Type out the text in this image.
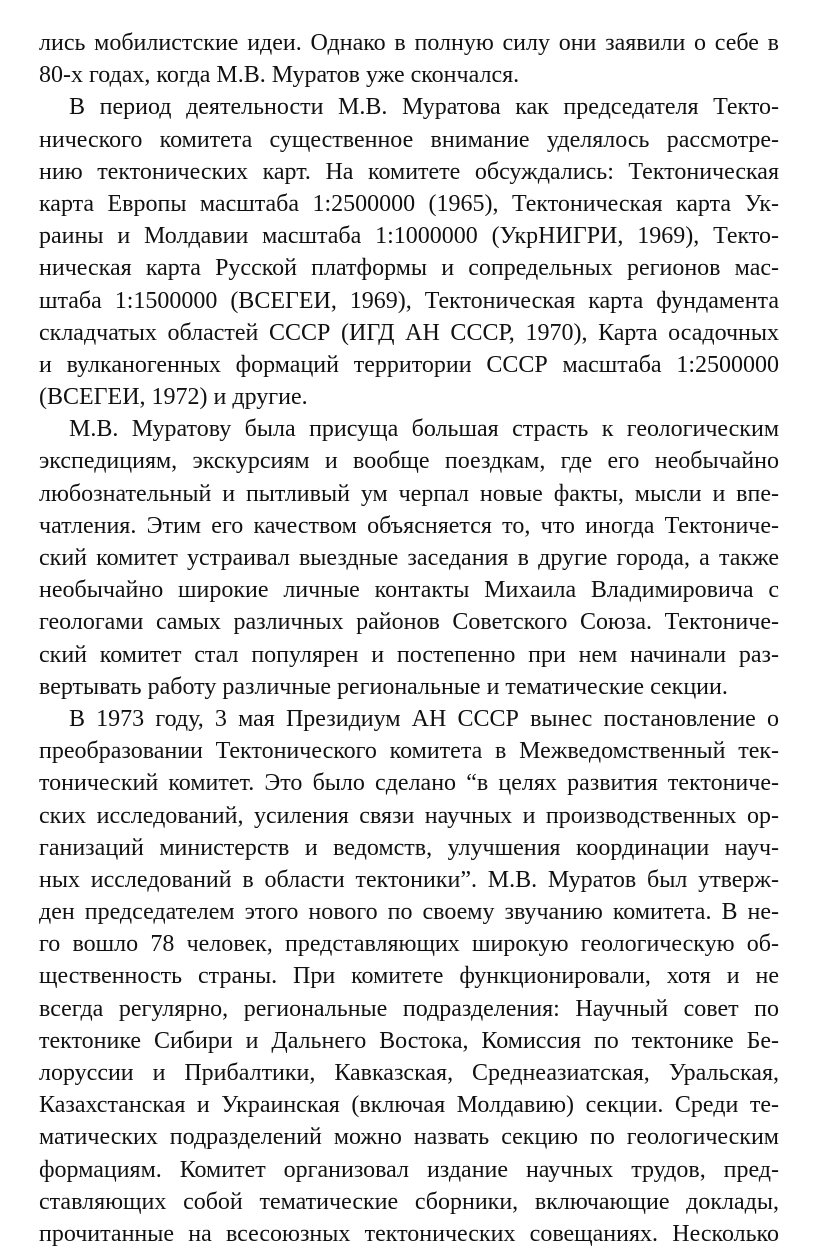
лись мобилистские идеи. Однако в полную силу они заявили о себе в
80-х годах, когда М.В. Муратов уже скончался.
В период деятельности М.В. Муратова как председателя Текто-
нического комитета существенное внимание уделялось рассмотре-
нию тектонических карт. На комитете обсуждались: Тектоническая
карта Европы масштаба 1:2500000 (1965), Тектоническая карта Ук-
раины и Молдавии масштаба 1:1000000 (УкрНИГРИ, 1969), Текто-
ническая карта Русской платформы и сопредельных регионов мас-
штаба 1:1500000 (ВСЕГЕИ, 1969), Тектоническая карта фундамента
складчатых областей СССР (ИГД АН СССР, 1970), Карта осадочных
и вулканогенных формаций территории СССР масштаба 1:2500000
(ВСЕГЕИ, 1972) и другие.
М.В. Муратову была присуща большая страсть к геологическим
экспедициям, экскурсиям и вообще поездкам, где его необычайно
любознательный и пытливый ум черпал новые факты, мысли и впе-
чатления. Этим его качеством объясняется то, что иногда Тектониче-
ский комитет устраивал выездные заседания в другие города, а также
необычайно широкие личные контакты Михаила Владимировича с
геологами самых различных районов Советского Союза. Тектониче-
ский комитет стал популярен и постепенно при нем начинали раз-
вертывать работу различные региональные и тематические секции.
В 1973 году, 3 мая Президиум АН СССР вынес постановление о
преобразовании Тектонического комитета в Межведомственный тек-
тонический комитет. Это было сделано “в целях развития тектониче-
ских исследований, усиления связи научных и производственных ор-
ганизаций министерств и ведомств, улучшения координации науч-
ных исследований в области тектоники”. М.В. Муратов был утверж-
ден председателем этого нового по своему звучанию комитета. В не-
го вошло 78 человек, представляющих широкую геологическую об-
щественность страны. При комитете функционировали, хотя и не
всегда регулярно, региональные подразделения: Научный совет по
тектонике Сибири и Дальнего Востока, Комиссия по тектонике Бе-
лоруссии и Прибалтики, Кавказская, Среднеазиатская, Уральская,
Казахстанская и Украинская (включая Молдавию) секции. Среди те-
матических подразделений можно назвать секцию по геологическим
формациям. Комитет организовал издание научных трудов, пред-
ставляющих собой тематические сборники, включающие доклады,
прочитанные на всесоюзных тектонических совещаниях. Несколько
